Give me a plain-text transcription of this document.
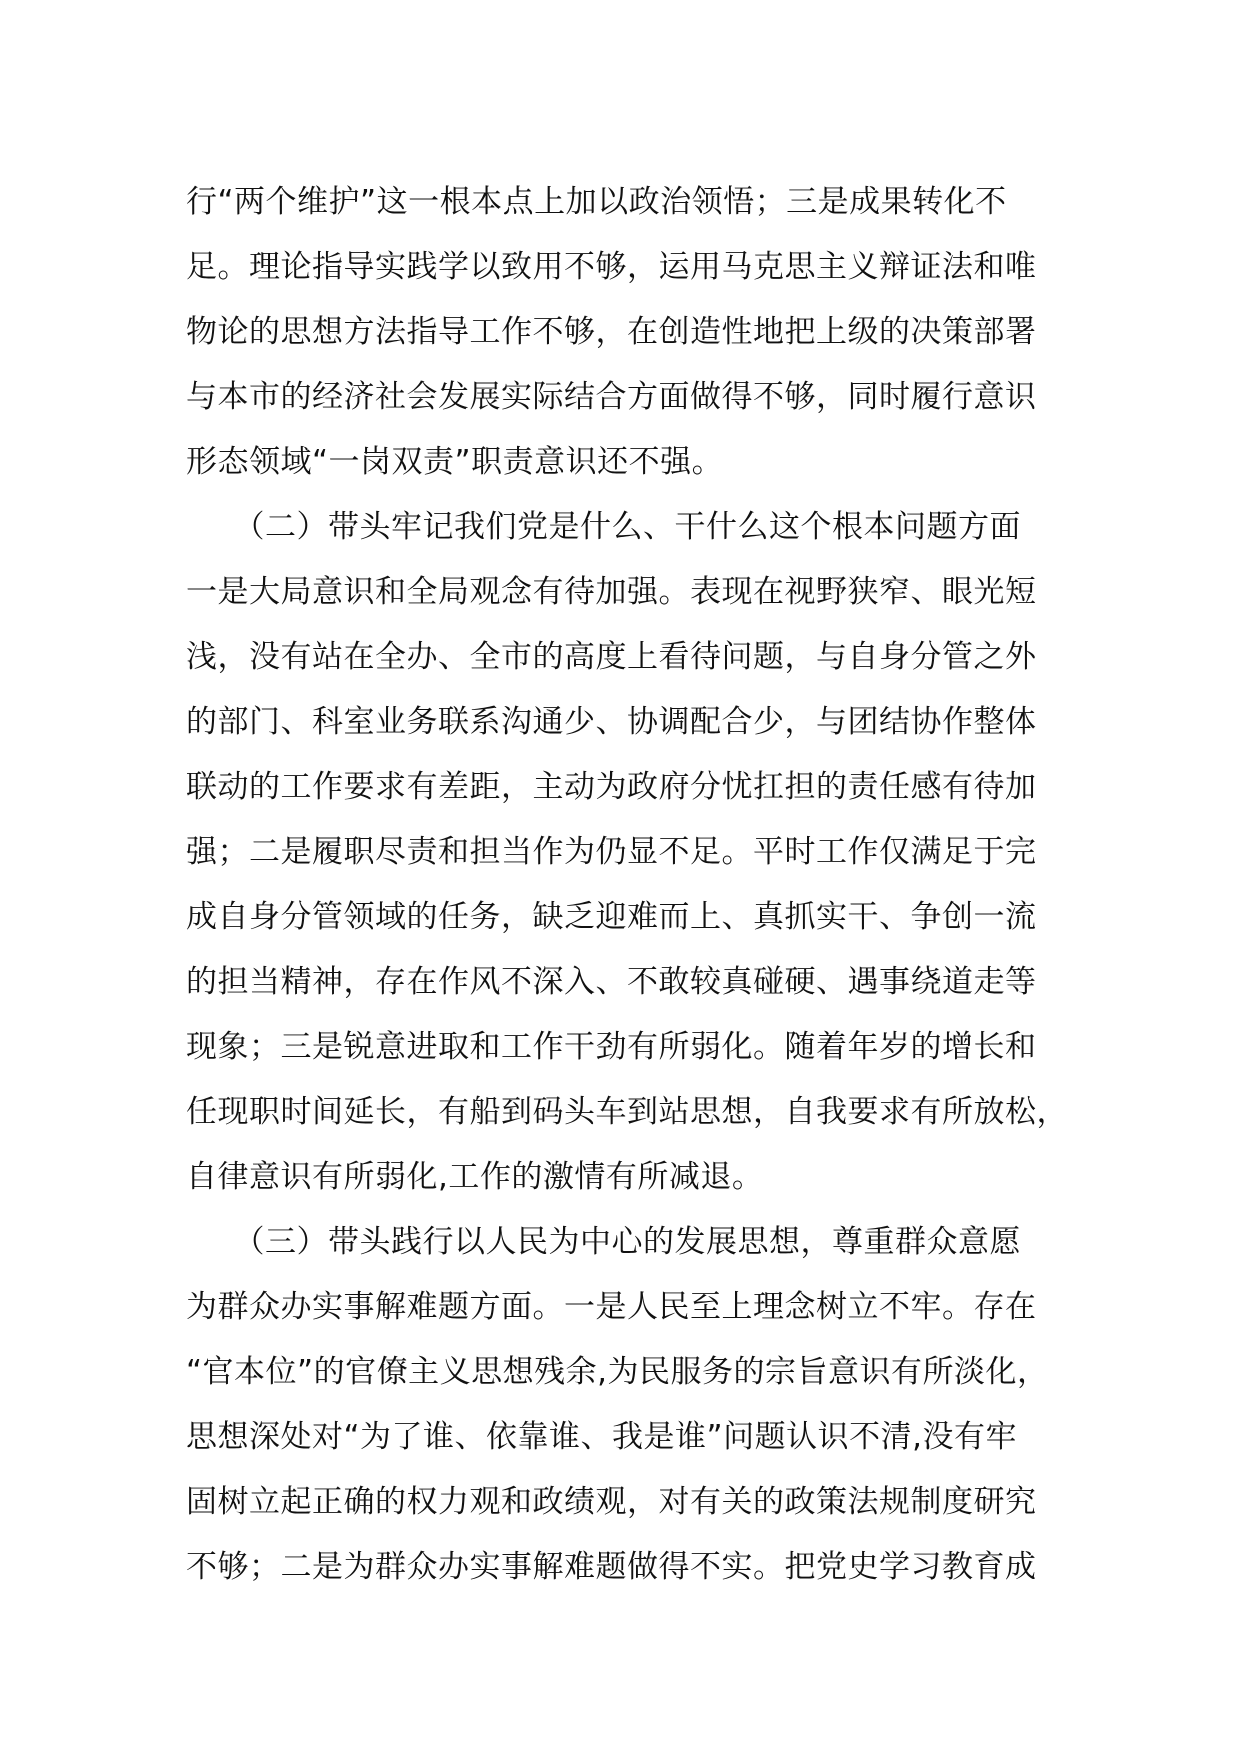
行“两个维护”这一根本点上加以政治领悟；三是成果转化不
足。理论指导实践学以致用不够，运用马克思主义辩证法和唯
物论的思想方法指导工作不够，在创造性地把上级的决策部署
与本市的经济社会发展实际结合方面做得不够，同时履行意识
形态领域“一岗双责”职责意识还不强。
　　（二）带头牢记我们党是什么、干什么这个根本问题方面
一是大局意识和全局观念有待加强。表现在视野狭窄、眼光短
浅，没有站在全办、全市的高度上看待问题，与自身分管之外
的部门、科室业务联系沟通少、协调配合少，与团结协作整体
联动的工作要求有差距，主动为政府分忧扛担的责任感有待加
强；二是履职尽责和担当作为仍显不足。平时工作仅满足于完
成自身分管领域的任务，缺乏迎难而上、真抓实干、争创一流
的担当精神，存在作风不深入、不敢较真碰硬、遇事绕道走等
现象；三是锐意进取和工作干劲有所弱化。随着年岁的增长和
任现职时间延长，有船到码头车到站思想，自我要求有所放松，
自律意识有所弱化,工作的激情有所减退。
　　（三）带头践行以人民为中心的发展思想，尊重群众意愿
为群众办实事解难题方面。一是人民至上理念树立不牢。存在
“官本位”的官僚主义思想残余,为民服务的宗旨意识有所淡化，
思想深处对“为了谁、依靠谁、我是谁”问题认识不清,没有牢
固树立起正确的权力观和政绩观，对有关的政策法规制度研究
不够；二是为群众办实事解难题做得不实。把党史学习教育成
